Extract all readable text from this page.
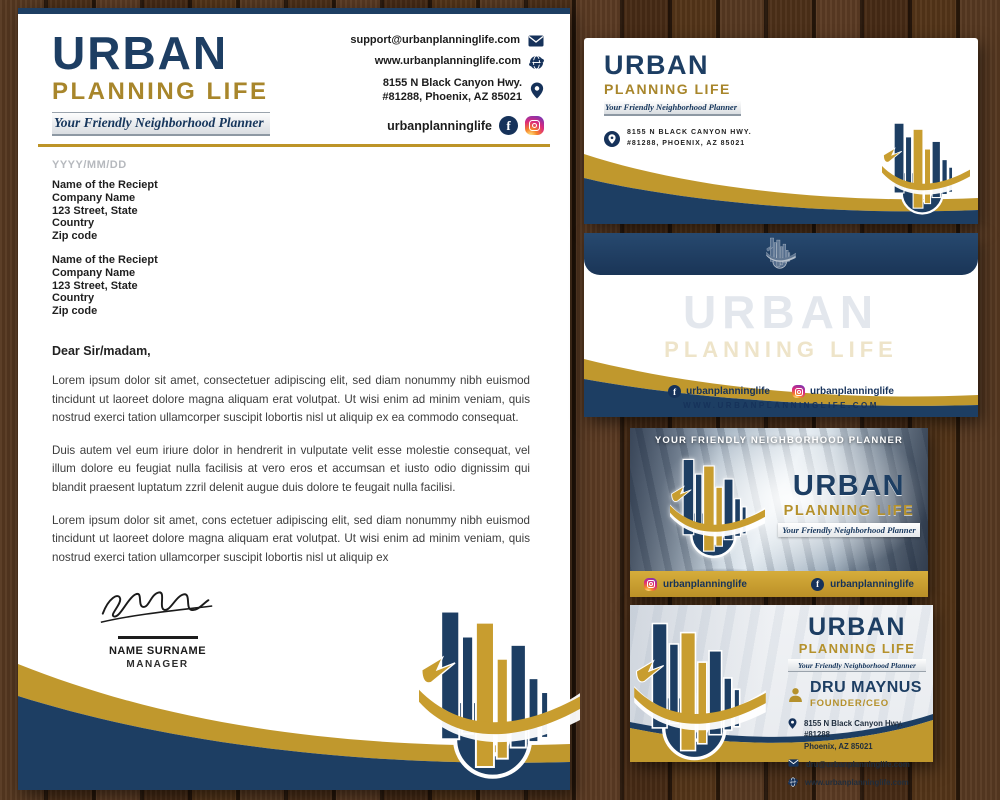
URBAN
PLANNING LIFE
Your Friendly Neighborhood Planner
support@urbanplanninglife.com
www.urbanplanninglife.com
8155 N Black Canyon Hwy.
#81288, Phoenix, AZ 85021
urbanplanninglife	f
YYYY/MM/DD
Name of the Reciept
Company Name
123 Street, State
Country
Zip code
Name of the Reciept
Company Name
123 Street, State
Country
Zip code
Dear Sir/madam,

Lorem ipsum dolor sit amet, consectetuer adipiscing elit, sed diam nonummy nibh euismod tincidunt ut laoreet dolore magna aliquam erat volutpat. Ut wisi enim ad minim veniam, quis nostrud exerci tation ullamcorper suscipit lobortis nisl ut aliquip ex ea commodo consequat.

Duis autem vel eum iriure dolor in hendrerit in vulputate velit esse molestie consequat, vel illum dolore eu feugiat nulla facilisis at vero eros et accumsan et iusto odio dignissim qui blandit praesent luptatum zzril delenit augue duis dolore te feugait nulla facilisi.

Lorem ipsum dolor sit amet, cons ectetuer adipiscing elit, sed diam nonummy nibh euismod tincidunt ut laoreet dolore magna aliquam erat volutpat. Ut wisi enim ad minim veniam, quis nostrud exerci tation ullamcorper suscipit lobortis nisl ut aliquip ex

NAME SURNAME
MANAGER
URBAN
PLANNING LIFE
Your Friendly Neighborhood Planner
8155 N BLACK CANYON HWY.
#81288, PHOENIX, AZ 85021
URBAN
PLANNING LIFE
f	urbanplanninglife	urbanplanninglife
WWW.URBANPLANNINGLIFE.COM
YOUR FRIENDLY NEIGHBORHOOD PLANNER
URBAN
PLANNING LIFE
Your Friendly Neighborhood Planner
urbanplanninglife	f	urbanplanninglife
URBAN
PLANNING LIFE
Your Friendly Neighborhood Planner
DRU MAYNUS
FOUNDER/CEO
8155 N Black Canyon Hwy. #81288
Phoenix, AZ 85021
dru@urbanplanninglife.com
www.urbanplanninglife.com
